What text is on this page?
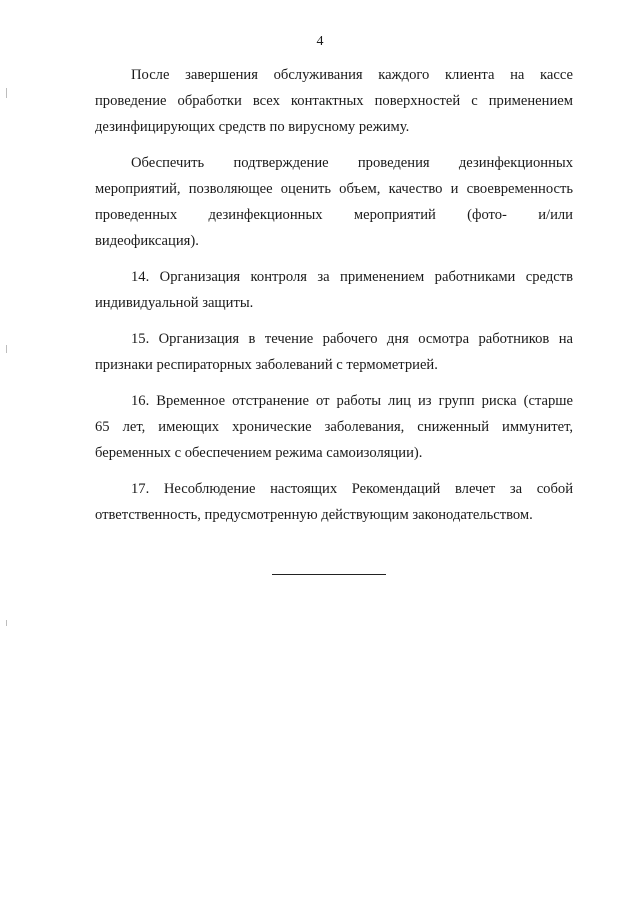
4

После завершения обслуживания каждого клиента на кассе
проведение обработки всех контактных поверхностей с применением
дезинфицирующих средств по вирусному режиму.

Обеспечить подтверждение проведения дезинфекционных
мероприятий, позволяющее оценить объем, качество и своевременность
проведенных дезинфекционных мероприятий (фото- и/или
видеофиксация).

14. Организация контроля за применением работниками средств
индивидуальной защиты.

15. Организация в течение рабочего дня осмотра работников на
признаки респираторных заболеваний с термометрией.

16. Временное отстранение от работы лиц из групп риска (старше
65 лет, имеющих хронические заболевания, сниженный иммунитет,
беременных с обеспечением режима самоизоляции).

17. Несоблюдение настоящих Рекомендаций влечет за собой
ответственность, предусмотренную действующим законодательством.
